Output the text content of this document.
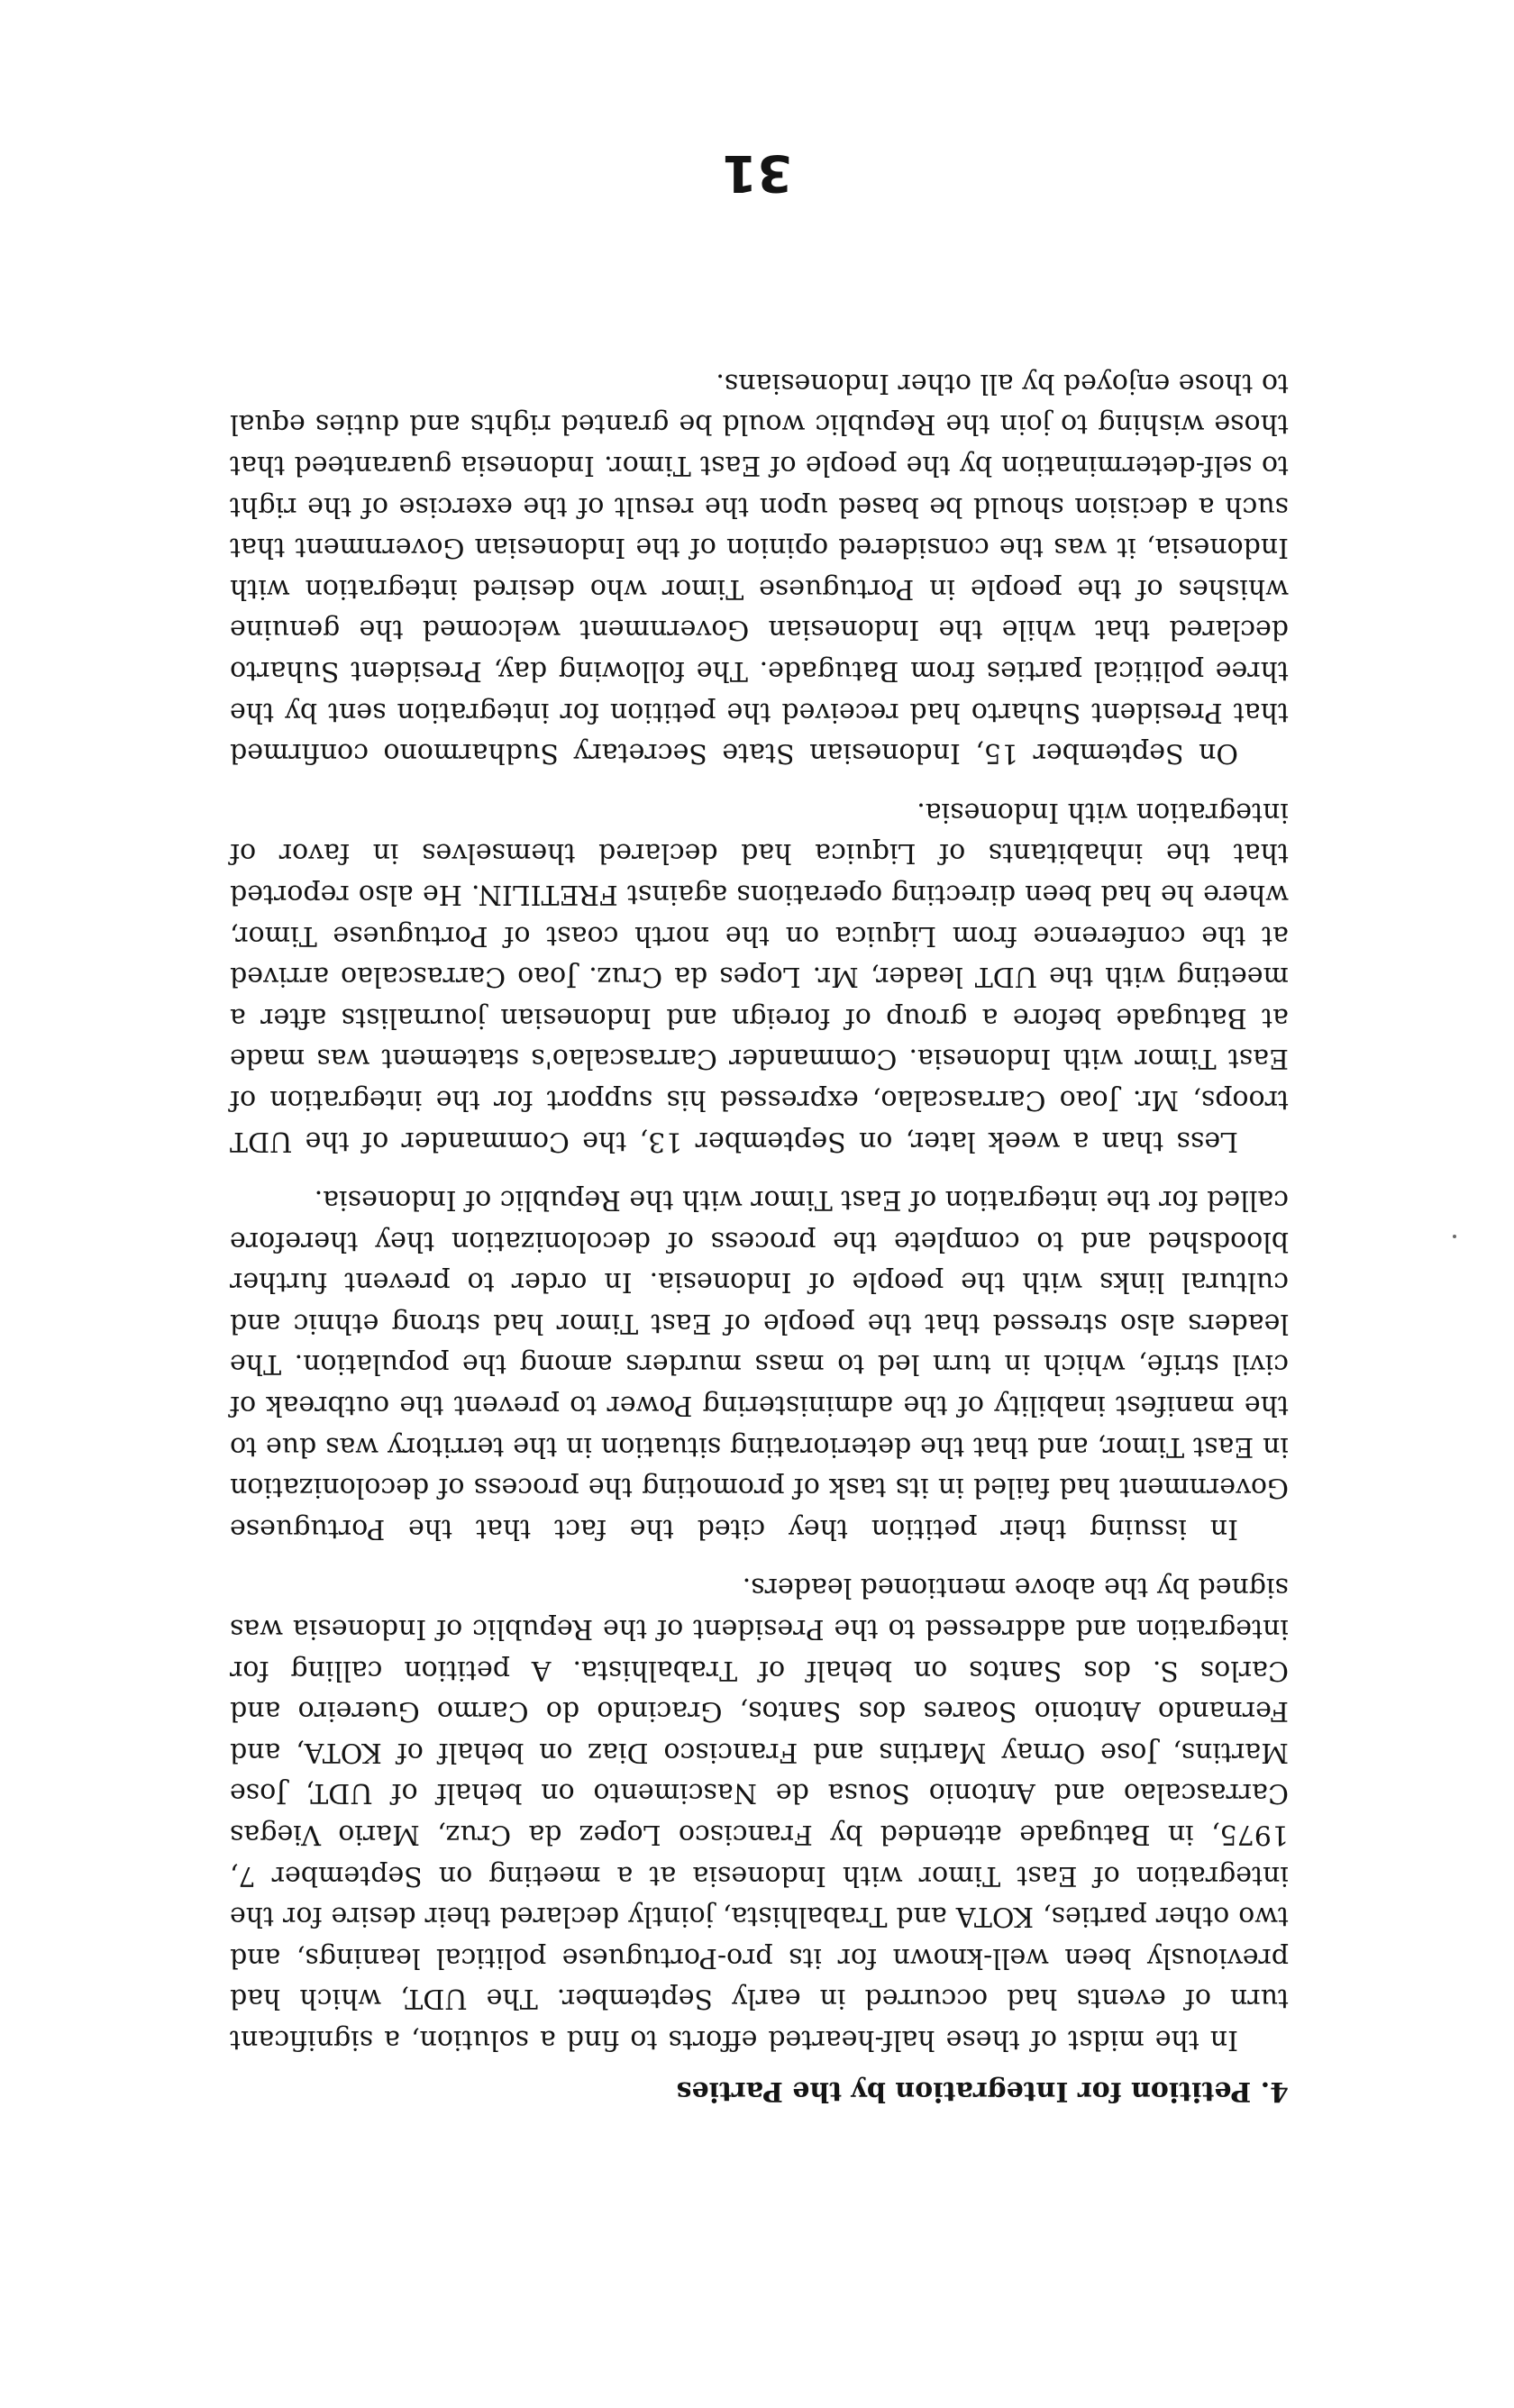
4. Petition for Integration by the Parties

In the midst of these half-hearted efforts to find a solution, a significant turn of events had occurred in early September. The UDT, which had previously been well-known for its pro-Portuguese political leanings, and two other parties, KOTA and Trabalhista, jointly declared their desire for the integration of East Timor with Indonesia at a meeting on September 7, 1975, in Batugade attended by Francisco Lopez da Cruz, Mario Viegas Carrascalao and Antonio Sousa de Nascimento on behalf of UDT, Jose Martins, Jose Ornay Martins and Francisco Diaz on behalf of KOTA, and Fernando Antonio Soares dos Santos, Gracindo do Carmo Guereiro and Carlos S. dos Santos on behalf of Trabalhista. A petition calling for integration and addressed to the President of the Republic of Indonesia was signed by the above mentioned leaders.

In issuing their petition they cited the fact that the Portuguese Government had failed in its task of promoting the process of decolonization in East Timor, and that the deteriorating situation in the territory was due to the manifest inability of the administering Power to prevent the outbreak of civil strife, which in turn led to mass murders among the population. The leaders also stressed that the people of East Timor had strong ethnic and cultural links with the people of Indonesia. In order to prevent further bloodshed and to complete the process of decolonization they therefore called for the integration of East Timor with the Republic of Indonesia.

Less than a week later, on September 13, the Commander of the UDT troops, Mr. Joao Carrascalao, expressed his support for the integration of East Timor with Indonesia. Commander Carrascalao's statement was made at Batugade before a group of foreign and Indonesian journalists after a meeting with the UDT leader, Mr. Lopes da Cruz. Joao Carrascalao arrived at the conference from Liquica on the north coast of Portuguese Timor, where he had been directing operations against FRETILIN. He also reported that the inhabitants of Liquica had declared themselves in favor of integration with Indonesia.

On September 15, Indonesian State Secretary Sudharmono confirmed that President Suharto had received the petition for integration sent by the three political parties from Batugade. The following day, President Suharto declared that while the Indonesian Government welcomed the genuine whishes of the people in Portuguese Timor who desired integration with Indonesia, it was the considered opinion of the Indonesian Government that such a decision should be based upon the result of the exercise of the right to self-determination by the people of East Timor. Indonesia guaranteed that those wishing to join the Republic would be granted rights and duties equal to those enjoyed by all other Indonesians.

31
